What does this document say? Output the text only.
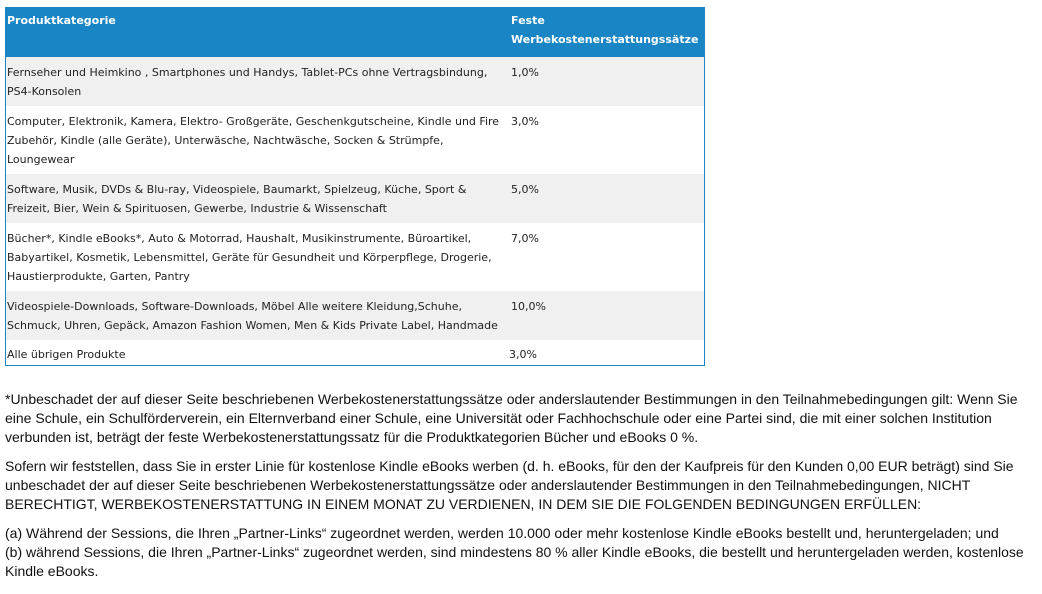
Produktkategorie	Feste Werbekostenerstattungssätze
Fernseher und Heimkino , Smartphones und Handys, Tablet-PCs ohne Vertragsbindung, PS4-Konsolen	1,0%
Computer, Elektronik, Kamera, Elektro- Großgeräte, Geschenkgutscheine, Kindle und Fire Zubehör, Kindle (alle Geräte), Unterwäsche, Nachtwäsche, Socken & Strümpfe, Loungewear	3,0%
Software, Musik, DVDs & Blu-ray, Videospiele, Baumarkt, Spielzeug, Küche, Sport & Freizeit, Bier, Wein & Spirituosen, Gewerbe, Industrie & Wissenschaft	5,0%
Bücher*, Kindle eBooks*, Auto & Motorrad, Haushalt, Musikinstrumente, Büroartikel, Babyartikel, Kosmetik, Lebensmittel, Geräte für Gesundheit und Körperpflege, Drogerie, Haustierprodukte, Garten, Pantry	7,0%
Videospiele-Downloads, Software-Downloads, Möbel Alle weitere Kleidung,Schuhe, Schmuck, Uhren, Gepäck, Amazon Fashion Women, Men & Kids Private Label, Handmade	10,0%
Alle übrigen Produkte	3,0%

*Unbeschadet der auf dieser Seite beschriebenen Werbekostenerstattungssätze oder anderslautender Bestimmungen in den Teilnahmebedingungen gilt: Wenn Sie eine Schule, ein Schulförderverein, ein Elternverband einer Schule, eine Universität oder Fachhochschule oder eine Partei sind, die mit einer solchen Institution verbunden ist, beträgt der feste Werbekostenerstattungssatz für die Produktkategorien Bücher und eBooks 0 %.

Sofern wir feststellen, dass Sie in erster Linie für kostenlose Kindle eBooks werben (d. h. eBooks, für den der Kaufpreis für den Kunden 0,00 EUR beträgt) sind Sie unbeschadet der auf dieser Seite beschriebenen Werbekostenerstattungssätze oder anderslautender Bestimmungen in den Teilnahmebedingungen, NICHT BERECHTIGT, WERBEKOSTENERSTATTUNG IN EINEM MONAT ZU VERDIENEN, IN DEM SIE DIE FOLGENDEN BEDINGUNGEN ERFÜLLEN:

(a) Während der Sessions, die Ihren „Partner-Links“ zugeordnet werden, werden 10.000 oder mehr kostenlose Kindle eBooks bestellt und, heruntergeladen; und
(b) während Sessions, die Ihren „Partner-Links“ zugeordnet werden, sind mindestens 80 % aller Kindle eBooks, die bestellt und heruntergeladen werden, kostenlose Kindle eBooks.
